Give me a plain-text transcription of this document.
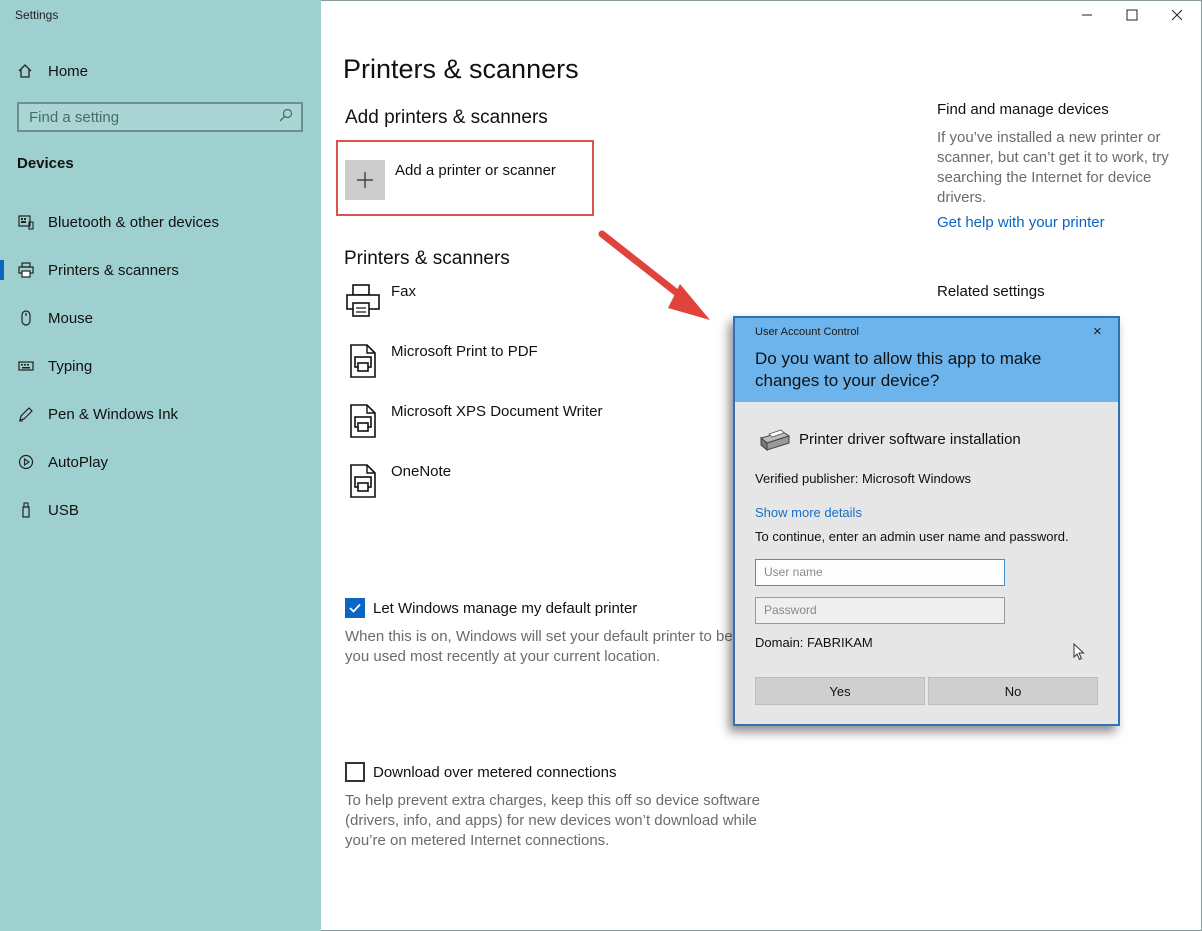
Settings
Home
Find a setting
Devices
Bluetooth & other devices
Printers & scanners
Mouse
Typing
Pen & Windows Ink
AutoPlay
USB
Printers & scanners
Add printers & scanners
Add a printer or scanner
Printers & scanners
Fax
Microsoft Print to PDF
Microsoft XPS Document Writer
OneNote
Let Windows manage my default printer
When this is on, Windows will set your default printer to be
you used most recently at your current location.
Download over metered connections
To help prevent extra charges, keep this off so device software
(drivers, info, and apps) for new devices won’t download while
you’re on metered Internet connections.
Find and manage devices
If you’ve installed a new printer or scanner, but can’t get it to work, try searching the Internet for device drivers.
Get help with your printer
Related settings
User Account Control	×
Do you want to allow this app to make changes to your device?
Printer driver software installation
Verified publisher: Microsoft Windows
Show more details
To continue, enter an admin user name and password.
User name
Password
Domain: FABRIKAM
Yes	No
